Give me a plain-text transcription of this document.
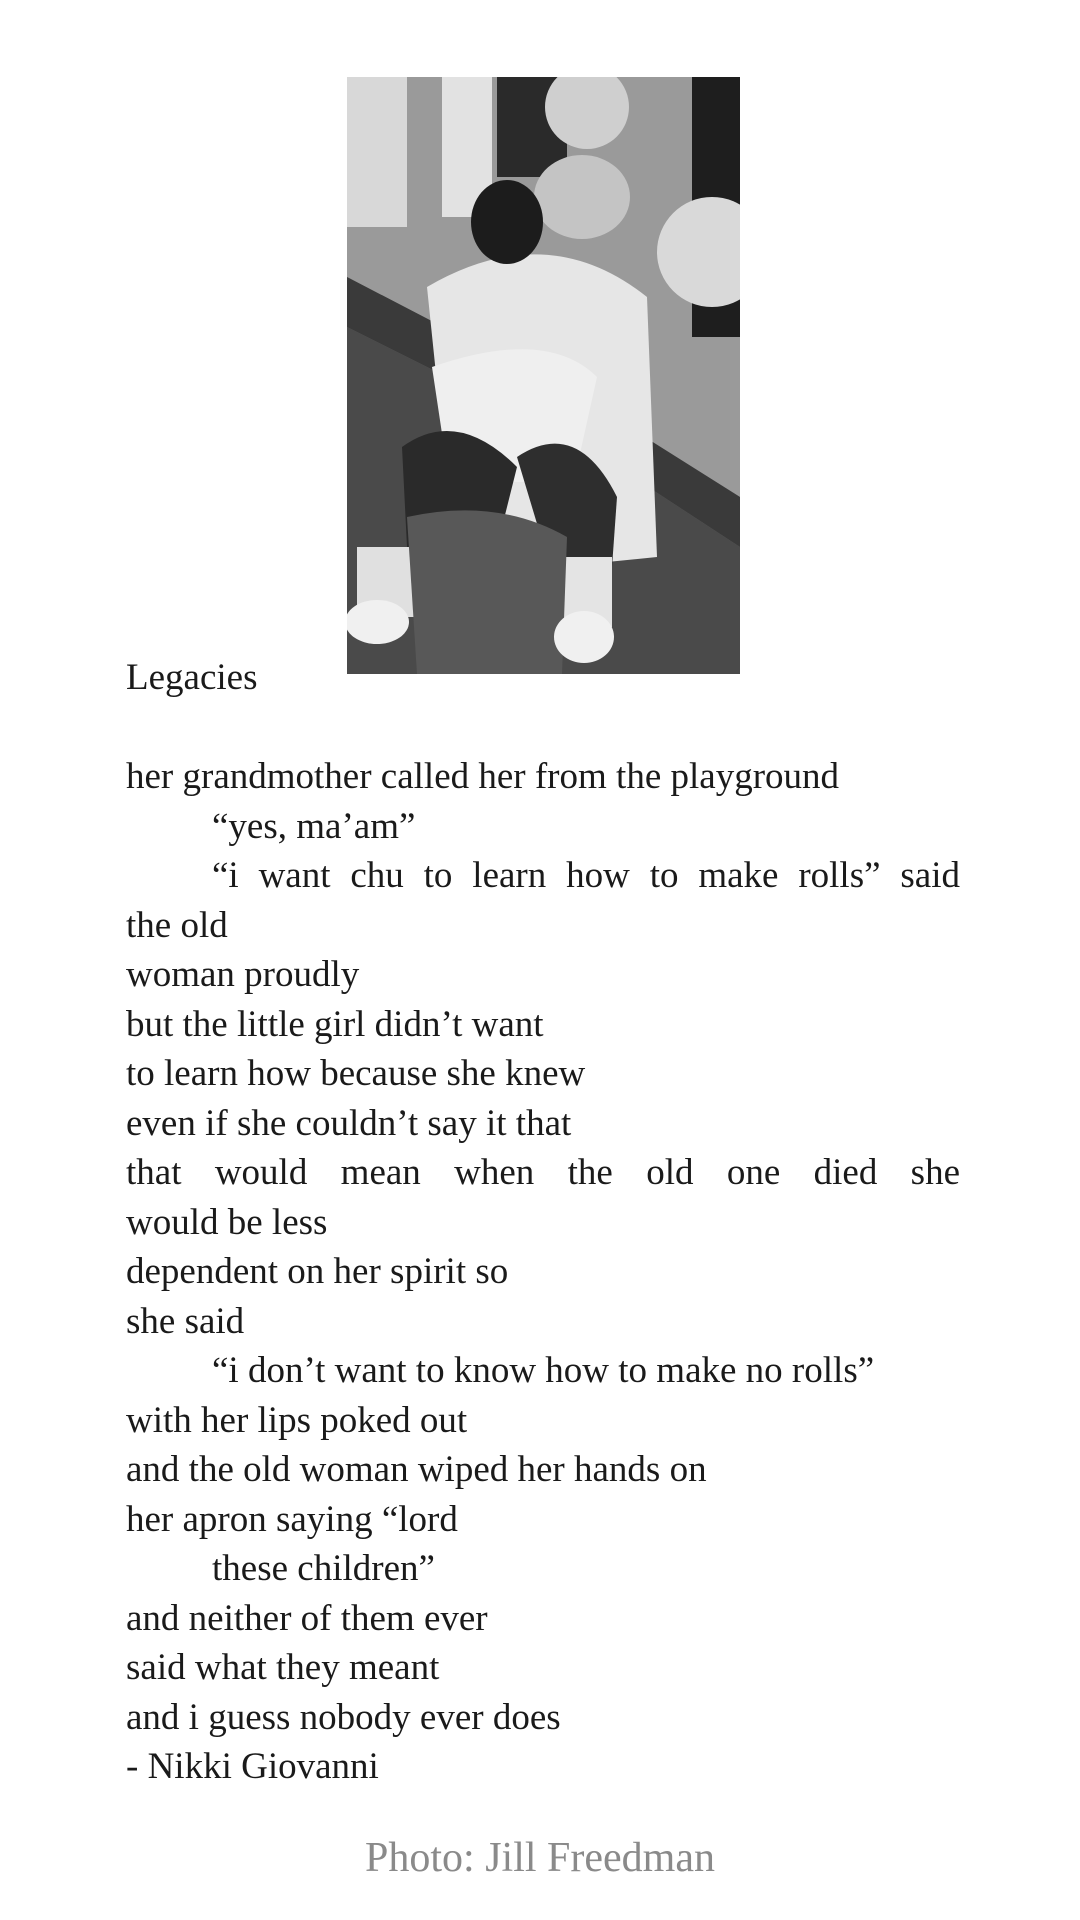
Legacies
her grandmother called her from the playground
“yes, ma’am”
“i want chu to learn how to make rolls” said
the old
woman proudly
but the little girl didn’t want
to learn how because she knew
even if she couldn’t say it that
that would mean when the old one died she
would be less
dependent on her spirit so
she said
“i don’t want to know how to make no rolls”
with her lips poked out
and the old woman wiped her hands on
her apron saying “lord
these children”
and neither of them ever
said what they meant
and i guess nobody ever does
- Nikki Giovanni
Photo: Jill Freedman
